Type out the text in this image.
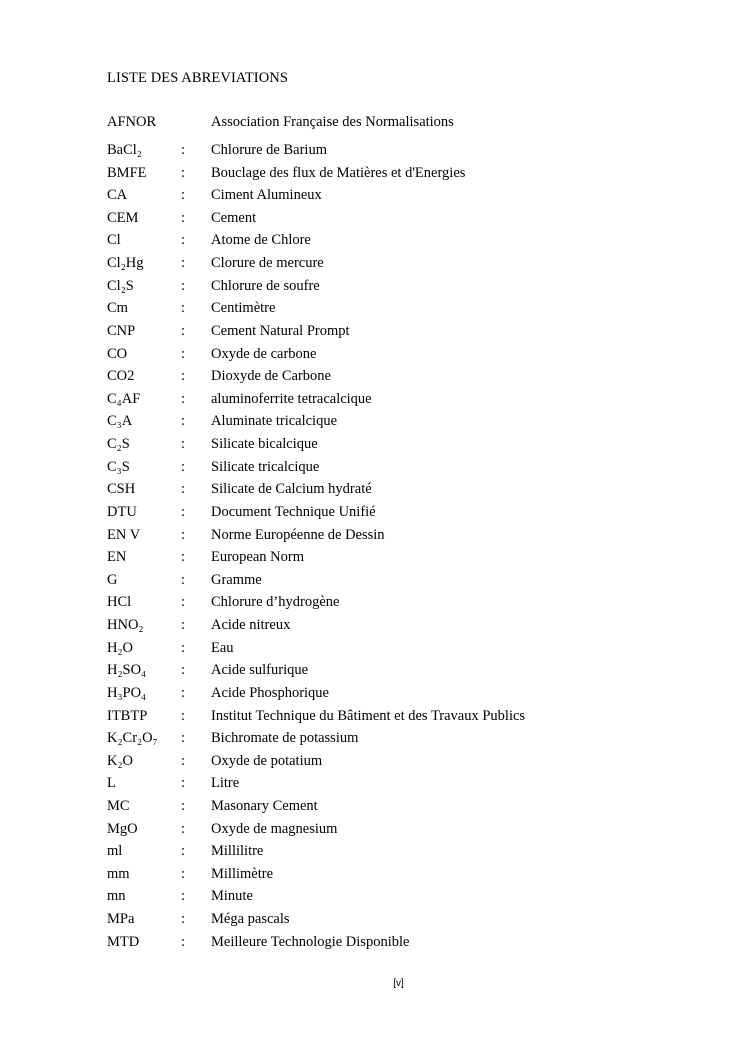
LISTE DES ABREVIATIONS
AFNOR	Association Française des Normalisations
BaCl₂	: Chlorure de Barium
BMFE : Bouclage des flux de Matières et d'Energies
CA	: Ciment Alumineux
CEM	: Cement
Cl	: Atome de Chlore
Cl₂Hg	: Clorure de mercure
Cl₂S	: Chlorure de soufre
Cm	: Centimètre
CNP	: Cement Natural Prompt
CO	: Oxyde de carbone
CO2	: Dioxyde de Carbone
C₄AF	: aluminoferrite tetracalcique
C₃A	: Aluminate tricalcique
C₂S	: Silicate bicalcique
C₃S	: Silicate tricalcique
CSH	: Silicate de Calcium hydraté
DTU	: Document Technique Unifié
EN V	: Norme Européenne de Dessin
EN	: European Norm
G	: Gramme
HCl	: Chlorure d’hydrogène
HNO₂	: Acide nitreux
H₂O	: Eau
H₂SO₄ : Acide sulfurique
H₃PO₄ : Acide Phosphorique
ITBTP : Institut Technique du Bâtiment et des Travaux Publics
K₂Cr₂O₇ : Bichromate de potassium
K₂O	: Oxyde de potatium
L	: Litre
MC	: Masonary Cement
MgO	: Oxyde de magnesium
ml	: Millilitre
mm	: Millimètre
mn	: Minute
MPa	: Méga pascals
MTD	: Meilleure Technologie Disponible
[v]
